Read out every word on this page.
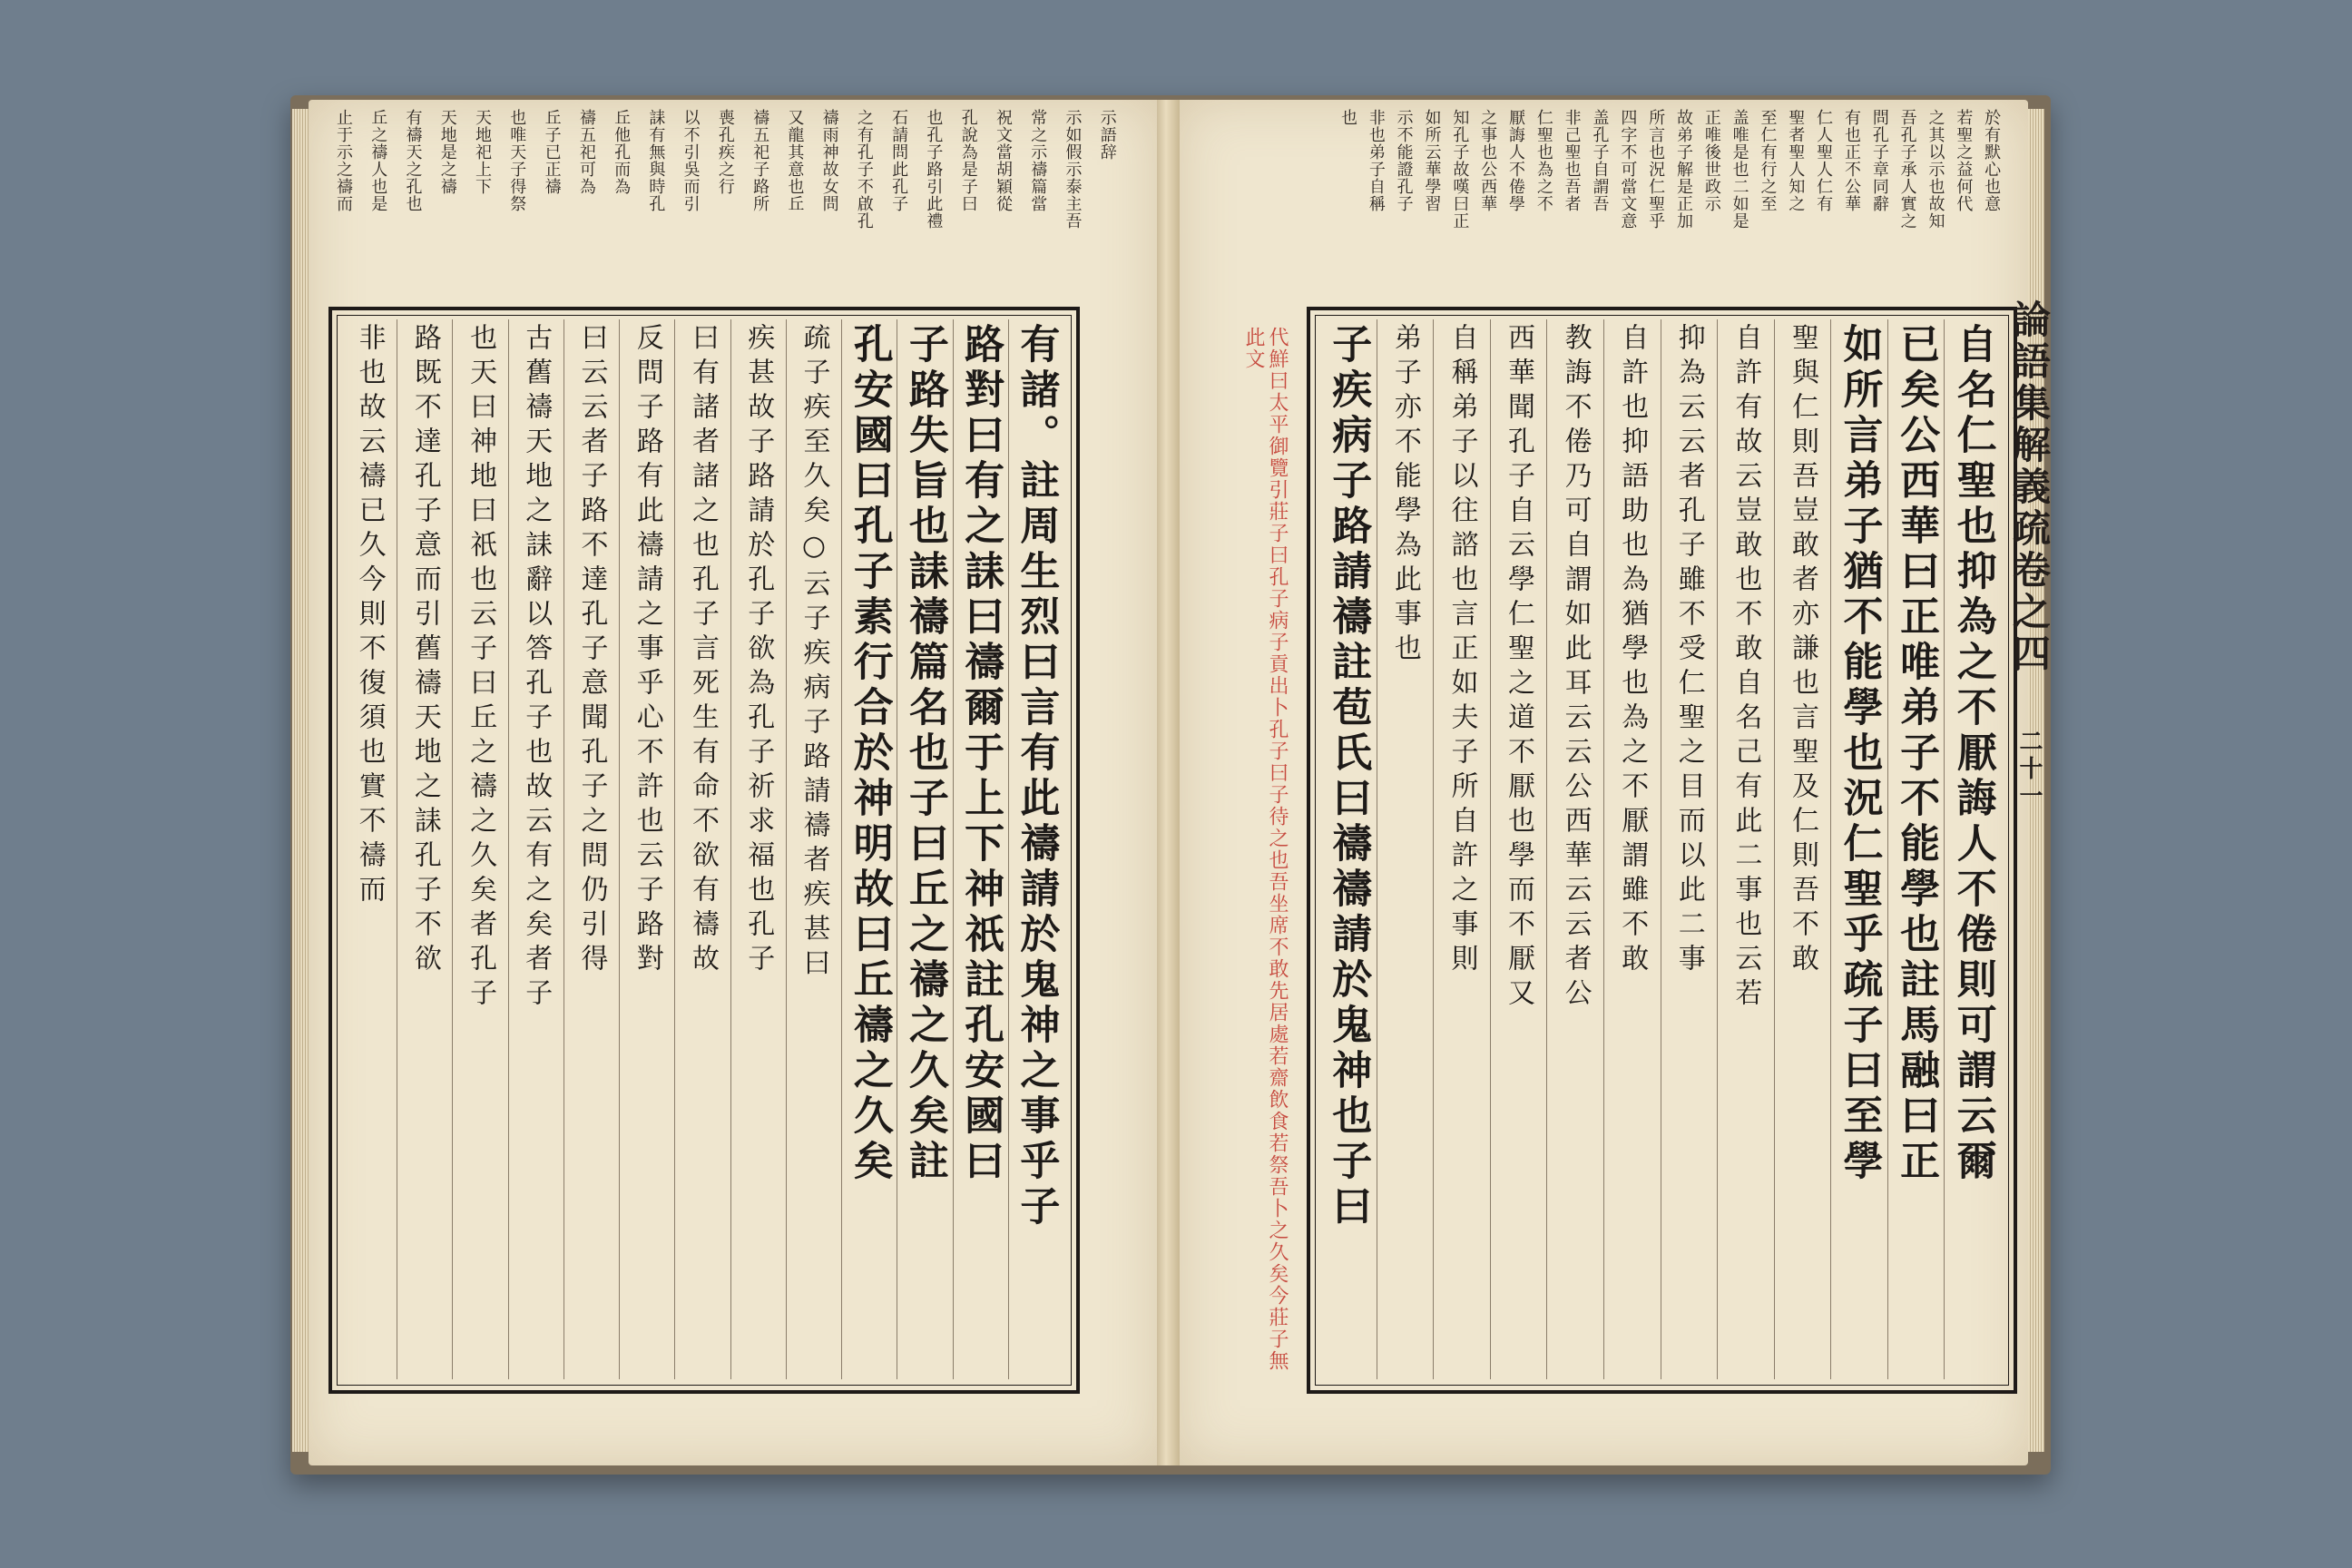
示語辞
示如假示泰主吾
常之示禱篇當
祝文當胡穎從
孔說為是子曰
也孔子路引此禮
石請問此孔子
之有孔子不啟孔
禱雨神故女問
又龍其意也丘
禱五祀子路所
喪孔疾之行
以不引吳而引
誄有無與時孔
丘他孔而為
禱五祀可為
丘子已正禱
也唯天子得祭
天地祀上下
天地是之禱
有禱天之孔也
丘之禱人也是
止于示之禱而
有諸。註周生烈曰言有此禱請於鬼神之事乎子
路對曰有之誄曰禱爾于上下神祇註孔安國曰
子路失旨也誄禱篇名也子曰丘之禱之久矣註
孔安國曰孔子素行合於神明故曰丘禱之久矣
疏子疾至久矣○云子疾病子路請禱者疾甚曰
疾甚故子路請於孔子欲為孔子祈求福也孔子
曰有諸者諸之也孔子言死生有命不欲有禱故
反問子路有此禱請之事乎心不許也云子路對
曰云云者子路不達孔子意聞孔子之問仍引得
古舊禱天地之誄辭以答孔子也故云有之矣者子
也天曰神地曰祇也云子曰丘之禱之久矣者孔子
路既不達孔子意而引舊禱天地之誄孔子不欲
非也故云禱已久今則不復須也實不禱而
於有默心也意
若聖之益何代
之其以示也故知
吾孔子承人實之
問孔子章同辭
有也正不公華
仁人聖人仁有
聖者聖人知之
至仁有行之至
盖唯是也二如是
正唯後世政示
故弟子解是正加
所言也況仁聖乎
四字不可當文意
盖孔子自謂吾
非己聖也吾者
仁聖也為之不
厭誨人不倦學
之事也公西華
知孔子故嘆曰正
如所云華學習
示不能證孔子
非也弟子自稱
也
自名仁聖也抑為之不厭誨人不倦則可謂云爾
已矣公西華曰正唯弟子不能學也註馬融曰正
如所言弟子猶不能學也況仁聖乎疏子曰至學
聖與仁則吾豈敢者亦謙也言聖及仁則吾不敢
自許有故云豈敢也不敢自名己有此二事也云若
抑為云云者孔子雖不受仁聖之目而以此二事
自許也抑語助也為猶學也為之不厭謂雖不敢
教誨不倦乃可自謂如此耳云云公西華云云者公
西華聞孔子自云學仁聖之道不厭也學而不厭又
自稱弟子以往諮也言正如夫子所自許之事則
弟子亦不能學為此事也
子疾病子路請禱註苞氏曰禱禱請於鬼神也子曰	論語集解義疏卷之四 二十一
代鮮曰太平御覽引莊子曰孔子病子貢出卜孔子曰子待之也吾坐席不敢先居處若齋飲食若祭吾卜之久矣今莊子無此文
